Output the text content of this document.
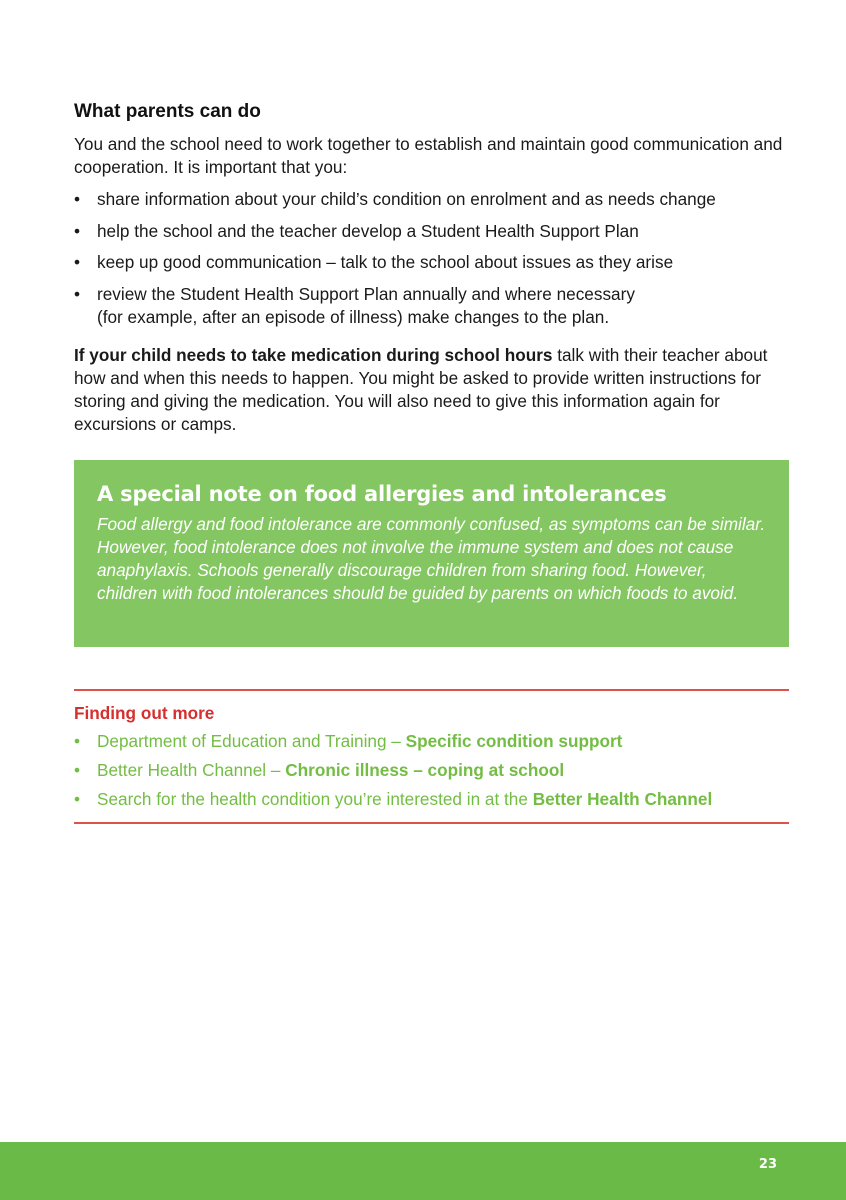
What parents can do

You and the school need to work together to establish and maintain good communication and cooperation. It is important that you:

• share information about your child’s condition on enrolment and as needs change
• help the school and the teacher develop a Student Health Support Plan
• keep up good communication – talk to the school about issues as they arise
• review the Student Health Support Plan annually and where necessary
(for example, after an episode of illness) make changes to the plan.

If your child needs to take medication during school hours talk with their teacher about how and when this needs to happen. You might be asked to provide written instructions for storing and giving the medication. You will also need to give this information again for excursions or camps.

A special note on food allergies and intolerances

Food allergy and food intolerance are commonly confused, as symptoms can be similar. However, food intolerance does not involve the immune system and does not cause anaphylaxis. Schools generally discourage children from sharing food. However, children with food intolerances should be guided by parents on which foods to avoid.

Finding out more
• Department of Education and Training – Specific condition support
• Better Health Channel – Chronic illness – coping at school
• Search for the health condition you’re interested in at the Better Health Channel
23
